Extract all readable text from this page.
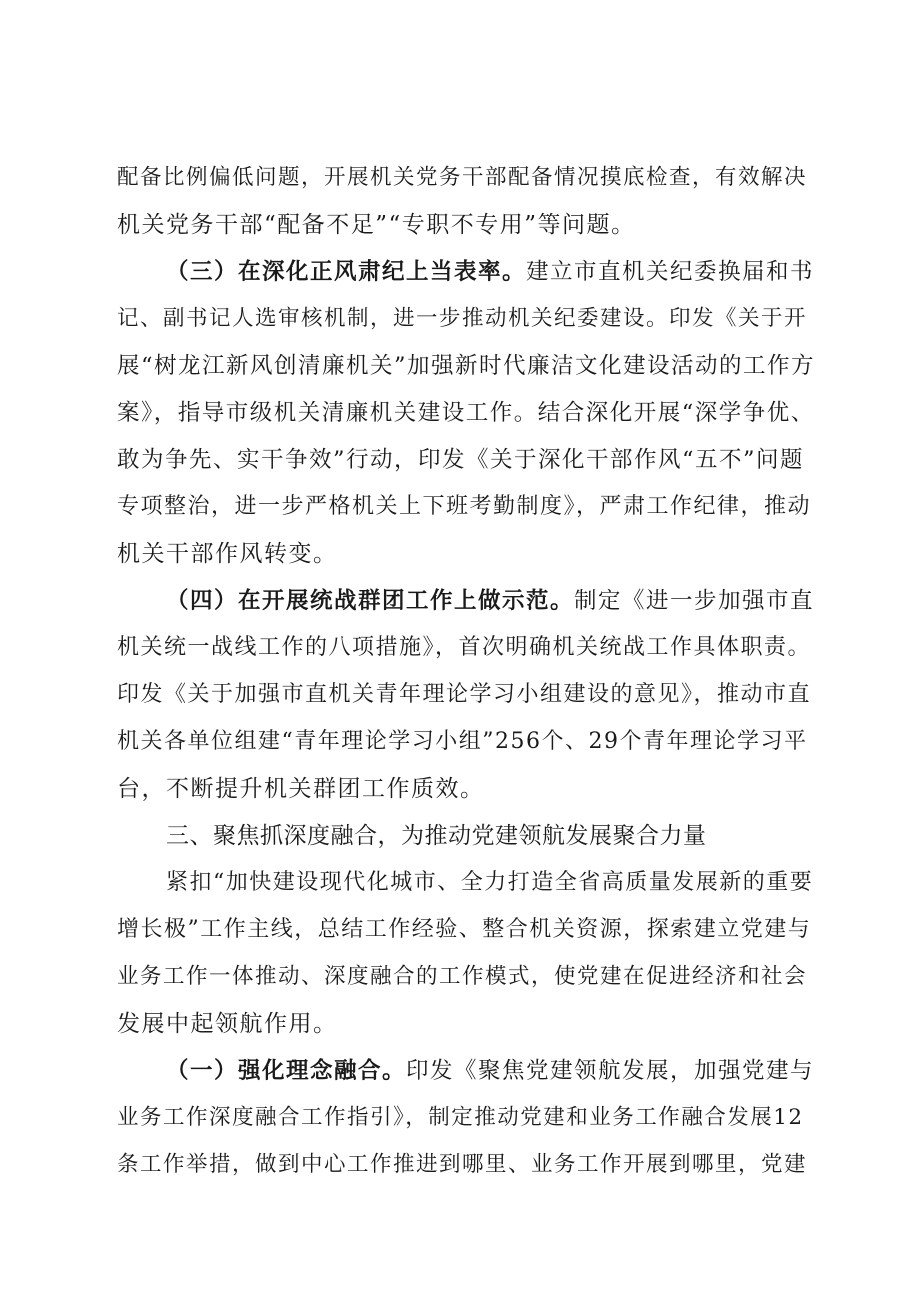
配备比例偏低问题，开展机关党务干部配备情况摸底检查，有效解决
机关党务干部“配备不足”“专职不专用”等问题。
（三）在深化正风肃纪上当表率。建立市直机关纪委换届和书
记、副书记人选审核机制，进一步推动机关纪委建设。印发《关于开
展“树龙江新风创清廉机关”加强新时代廉洁文化建设活动的工作方
案》，指导市级机关清廉机关建设工作。结合深化开展“深学争优、
敢为争先、实干争效”行动，印发《关于深化干部作风“五不”问题
专项整治，进一步严格机关上下班考勤制度》，严肃工作纪律，推动
机关干部作风转变。
（四）在开展统战群团工作上做示范。制定《进一步加强市直
机关统一战线工作的八项措施》，首次明确机关统战工作具体职责。
印发《关于加强市直机关青年理论学习小组建设的意见》，推动市直
机关各单位组建“青年理论学习小组”256个、29个青年理论学习平
台，不断提升机关群团工作质效。
三、聚焦抓深度融合，为推动党建领航发展聚合力量
紧扣“加快建设现代化城市、全力打造全省高质量发展新的重要
增长极”工作主线，总结工作经验、整合机关资源，探索建立党建与
业务工作一体推动、深度融合的工作模式，使党建在促进经济和社会
发展中起领航作用。
（一）强化理念融合。印发《聚焦党建领航发展，加强党建与
业务工作深度融合工作指引》，制定推动党建和业务工作融合发展12
条工作举措，做到中心工作推进到哪里、业务工作开展到哪里，党建
